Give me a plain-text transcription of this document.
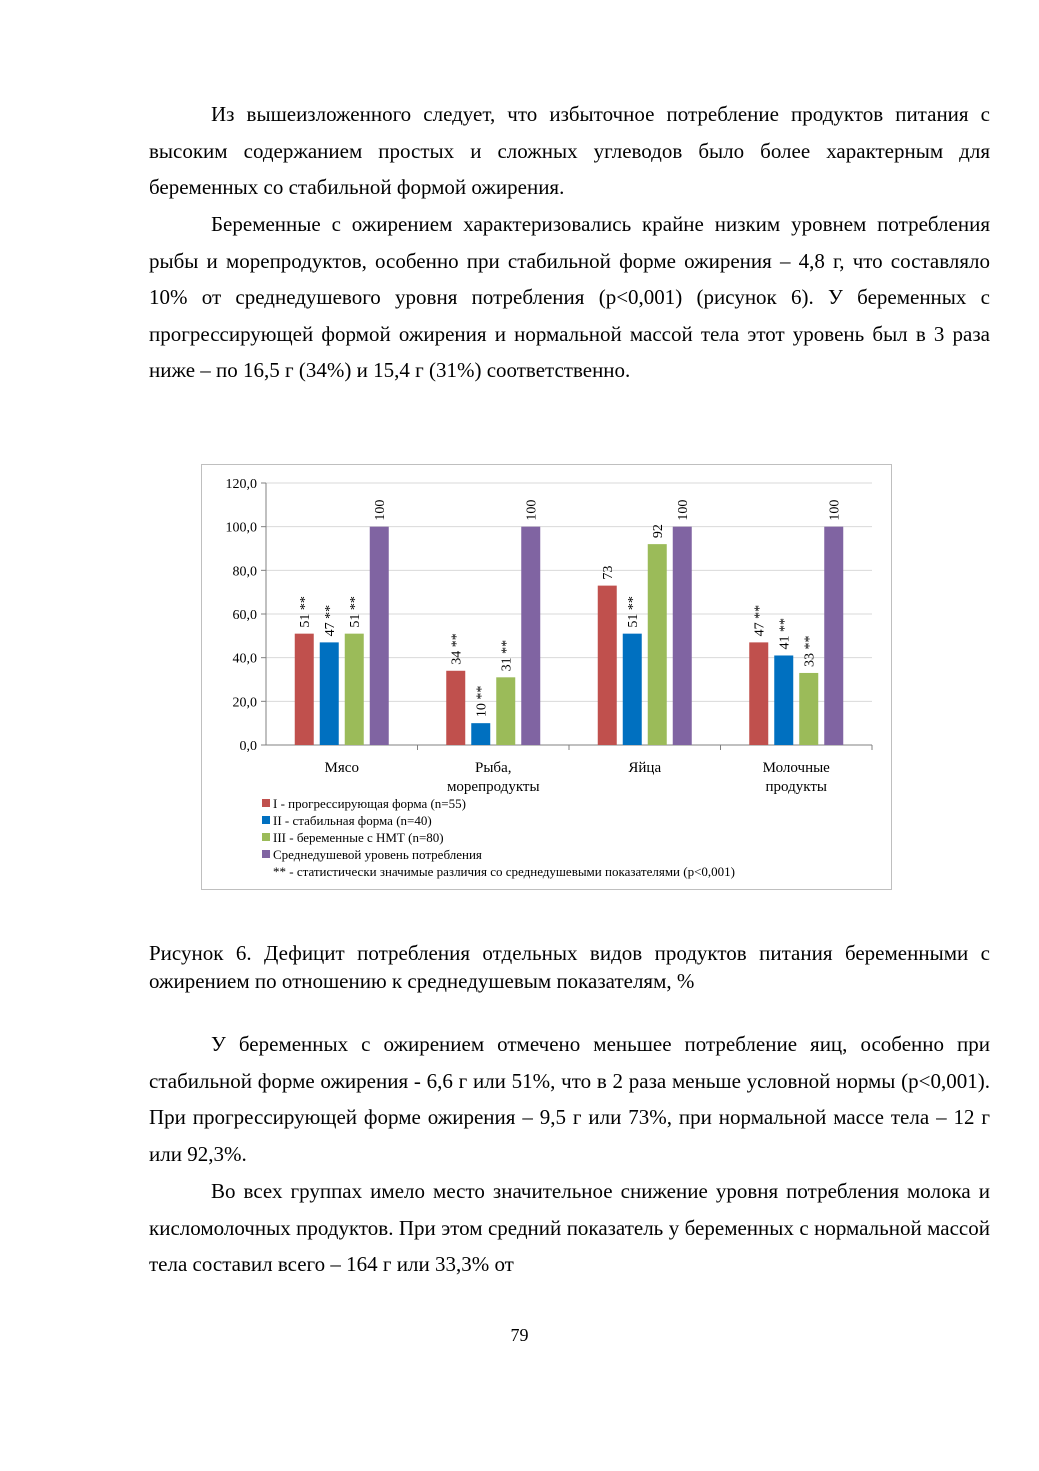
Из вышеизложенного следует, что избыточное потребление продуктов питания с высоким содержанием простых и сложных углеводов было более характерным для беременных со стабильной формой ожирения.

Беременные с ожирением характеризовались крайне низким уровнем потребления рыбы и морепродуктов, особенно при стабильной форме ожирения – 4,8 г, что составляло 10% от среднедушевого уровня потребления (p<0,001) (рисунок 6). У беременных с прогрессирующей формой ожирения и нормальной массой тела этот уровень был в 3 раза ниже – по 16,5 г (34%) и 15,4 г (31%) соответственно.

0,0
20,0
40,0
60,0
80,0
100,0
120,0
51 ** 47 ** 51 **
100
Мясо
34 **
10 **
31 **
100
Рыба,
морепродукты
73
51 **
92
100
Яйца
47 ** 41 **
33 **
100
Молочные
продукты
I - прогрессирующая форма (n=55)
II - стабильная форма (n=40)
III - беременные с НМТ (n=80)
Среднедушевой уровень потребления
** - статистически значимые различия со среднедушевыми показателями (p<0,001)

Рисунок 6. Дефицит потребления отдельных видов продуктов питания беременными с ожирением по отношению к среднедушевым показателям, %

У беременных с ожирением отмечено меньшее потребление яиц, особенно при стабильной форме ожирения - 6,6 г или 51%, что в 2 раза меньше условной нормы (p<0,001). При прогрессирующей форме ожирения – 9,5 г или 73%, при нормальной массе тела – 12 г или 92,3%.

Во всех группах имело место значительное снижение уровня потребления молока и кисломолочных продуктов. При этом средний показатель у беременных с нормальной массой тела составил всего – 164 г или 33,3% от

79
